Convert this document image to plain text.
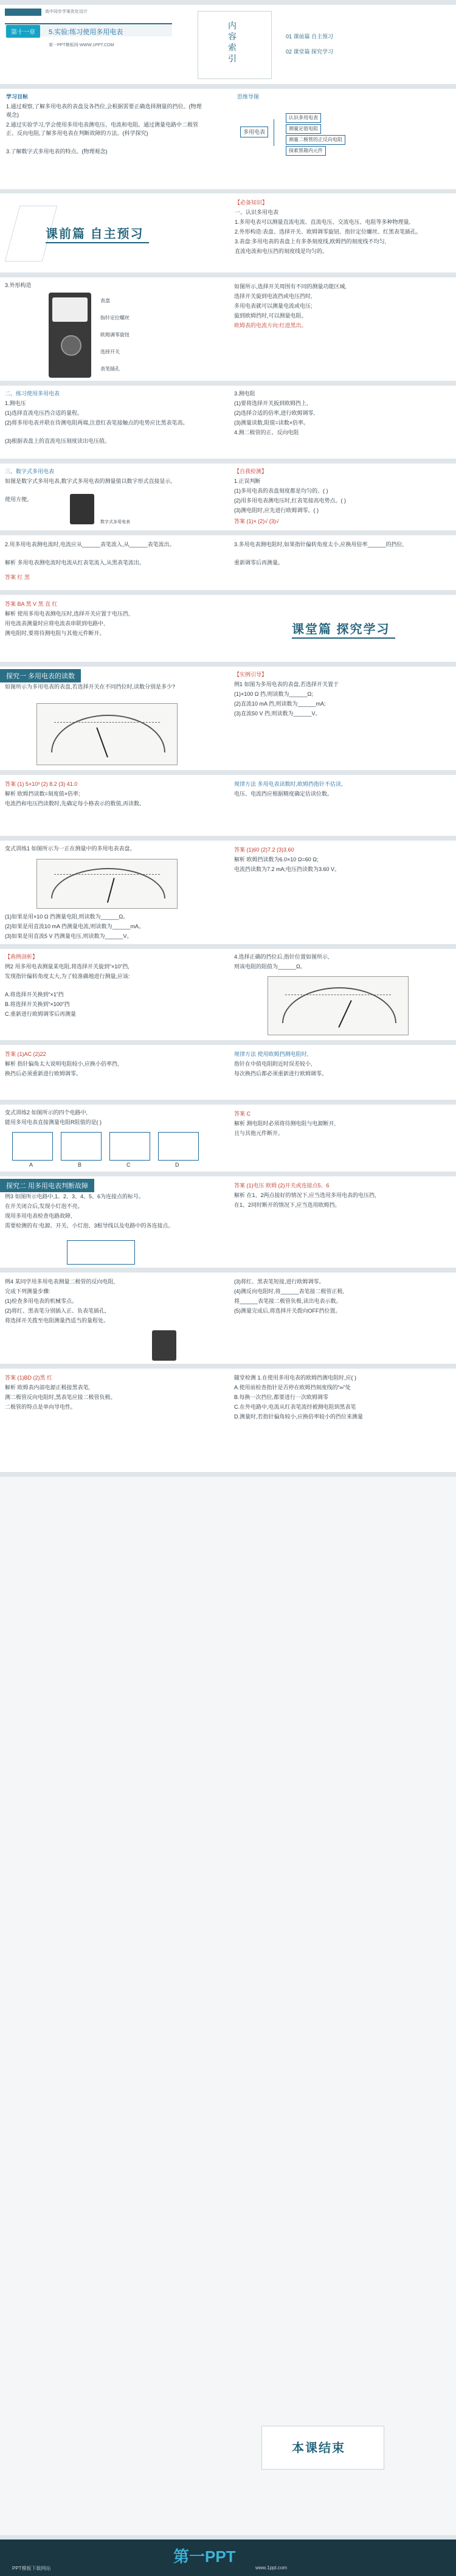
高中同步学案优化设计
第十一章	5.实验:练习使用多用电表
第一PPT模板网-WWW.1PPT.COM
内容索引
01 课前篇 自主预习
02 课堂篇 探究学习
学习目标
1.通过观察,了解多用电表的表盘及各挡位,会根据需要正确选择测量的挡位。(物理观念)
2.通过实验学习,学会使用多用电表测电压、电流和电阻。通过测量电路中二极管正、反向电阻,了解多用电表在判断故障的方法。(科学探究)
3.了解数字式多用电表的特点。(物理观念)
思维导图
多用电表
认识多用电表
测量定值电阻
测量二极管的正反向电阻
探索黑箱内元件
课前篇 自主预习
【必备知识】
一、认识多用电表
1.多用电表可以测量直流电流、直流电压、交流电压、电阻等多种物理量,
2.外形构造:表盘、选择开关、欧姆调零旋钮、指针定位螺丝、红黑表笔插孔。
3.表盘:多用电表的表盘上有多条刻度线,欧姆挡的刻度线不均匀,
直流电流和电压挡的刻度线是均匀的。
3.外形构造
表盘
指针定位螺丝
欧姆调零旋钮
选择开关
表笔插孔
如图所示,选择开关周围有不同的测量功能区域,
选择开关旋到电流挡或电压挡时,
多用电表就可以测量电流或电压;
旋到欧姆挡时,可以测量电阻。
欧姆表的电流方向:红进黑出。
二、练习使用多用电表
1.测电压
(1)选择直流电压挡合适的量程。
(2)将多用电表并联在待测电阻两端,注意红表笔接触点的电势应比黑表笔高。
(3)根据表盘上的直流电压刻度读出电压值。
3.测电阻
(1)要将选择开关扳到欧姆挡上,
(2)选择合适的倍率,进行欧姆调零,
(3)测量读数,阻值=读数×倍率。
4.测二极管的正、反向电阻
三、数字式多用电表
如图是数字式多用电表,数字式多用电表的测量值以数字形式直接显示,
使用方便。
数字式多用电表
【自我检测】
1.正误判断
(1)多用电表的表盘刻度都是均匀的。( )
(2)用多用电表测电压时,红表笔接高电势点。( )
(3)测电阻时,应先进行欧姆调零。( )
答案 (1)× (2)√ (3)√
2.用多用电表测电流时,电流应从______表笔流入,从______表笔流出。
解析 多用电表测电流时电流从红表笔流入,从黑表笔流出。
答案 红 黑
3.多用电表测电阻时,如果指针偏转角度太小,应换用倍率______的挡位,
重新调零后再测量。
答案 BA 黑 V 黑 直 红
解析 使用多用电表测电压时,选择开关应置于电压挡,
用电流表测量时应将电流表串联到电路中,
测电阻时,要将待测电阻与其他元件断开。	课堂篇 探究学习
探究一 多用电表的读数
如图所示为多用电表的表盘,若选择开关在不同挡位时,读数分别是多少?
【实例引导】
例1 如图为多用电表的表盘,若选择开关置于
(1)×100 Ω 挡,则读数为______Ω;
(2)直流10 mA 挡,则读数为______mA;
(3)直流50 V 挡,则读数为______V。
答案 (1) 5×10³ (2) 8.2 (3) 41.0
解析 欧姆挡读数=刻度值×倍率;
电流挡和电压挡读数时,先确定每小格表示的数值,再读数。
规律方法 多用电表读数时,欧姆挡指针不估读,
电压、电流挡应根据精度确定估读位数。
变式训练1 如图所示为一正在测量中的多用电表表盘。
(1)如果是用×10 Ω 挡测量电阻,则读数为______Ω。
(2)如果是用直流10 mA 挡测量电流,则读数为______mA。
(3)如果是用直流5 V 挡测量电压,则读数为______V。
答案 (1)60 (2)7.2 (3)3.60
解析 欧姆挡读数为6.0×10 Ω=60 Ω;
电流挡读数为7.2 mA;电压挡读数为3.60 V。
【典例剖析】
例2 用多用电表测量某电阻,将选择开关旋到“×10”挡,
发现指针偏转角度太大,为了较准确地进行测量,应该:
A.将选择开关换到“×1”挡
B.将选择开关换到“×100”挡
C.重新进行欧姆调零后再测量
4.选择正确的挡位后,指针位置如图所示,
则该电阻的阻值为______Ω。
答案 (1)AC (2)22
解析 指针偏角太大说明电阻较小,应换小倍率挡,
换挡后必须重新进行欧姆调零。
规律方法 使用欧姆挡测电阻时,
指针在中值电阻附近时误差较小,
每次换挡后都必须重新进行欧姆调零。
变式训练2 如图所示的四个电路中,
能用多用电表直接测量电阻R阻值的是( )
A	B	C	D
答案 C
解析 测电阻时必须将待测电阻与电源断开,
且与其他元件断开。
探究二 用多用电表判断故障
例3 如图所示电路中,1、2、3、4、5、6为连接点的标号。
在开关闭合后,发现小灯泡不亮。
现用多用电表检查电路故障,
需要检测的有:电源、开关、小灯泡、3根导线以及电路中的各连接点。
答案 (1)电压 欧姆 (2)开关或连接点5、6
解析 在1、2两点接好的情况下,应当选用多用电表的电压挡,
在1、2同时断开的情况下,应当选用欧姆挡。
例4 某同学用多用电表测量二极管的反向电阻,
完成下列测量步骤:
(1)检查多用电表的机械零点。
(2)将红、黑表笔分别插入正、负表笔插孔,
将选择开关拨至电阻测量挡适当的量程处。
(3)将红、黑表笔短接,进行欧姆调零。
(4)测反向电阻时,将______表笔接二极管正极,
将______表笔接二极管负极,读出电表示数。
(5)测量完成后,将选择开关拨向OFF挡位置。
答案 (1)BD (2)黑 红
解析 欧姆表内部电源正极接黑表笔,
测二极管反向电阻时,黑表笔应接二极管负极。
二极管的特点是单向导电性。
随堂检测 1.在使用多用电表的欧姆挡测电阻时,应( )
A.使用前检查指针是否停在欧姆挡刻度线的“∞”处
B.每换一次挡位,都要进行一次欧姆调零
C.在外电路中,电流从红表笔流经被测电阻到黑表笔
D.测量时,若指针偏角较小,应换倍率较小的挡位来测量
本课结束
第一PPT
PPT模板下载网站	www.1ppt.com
